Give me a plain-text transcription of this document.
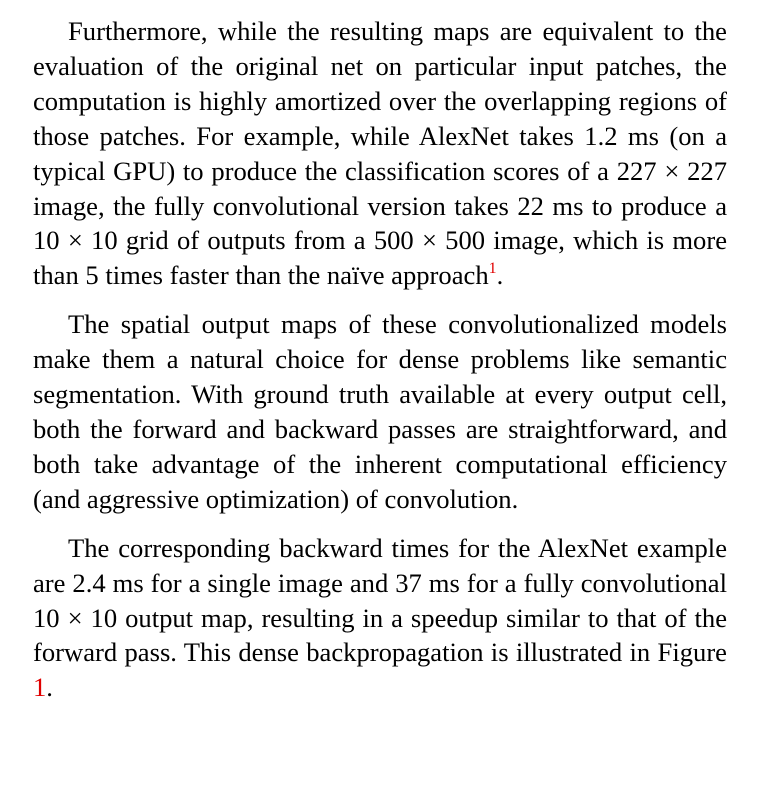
Furthermore, while the resulting maps are equivalent to the evaluation of the original net on particular input patches, the computation is highly amortized over the overlapping regions of those patches. For example, while AlexNet takes 1.2 ms (on a typical GPU) to produce the classification scores of a 227 × 227 image, the fully convolutional version takes 22 ms to produce a 10 × 10 grid of outputs from a 500 × 500 image, which is more than 5 times faster than the naïve approach$^1$.

The spatial output maps of these convolutionalized models make them a natural choice for dense problems like semantic segmentation. With ground truth available at every output cell, both the forward and backward passes are straightforward, and both take advantage of the inherent computational efficiency (and aggressive optimization) of convolution.

The corresponding backward times for the AlexNet example are 2.4 ms for a single image and 37 ms for a fully convolutional 10 × 10 output map, resulting in a speedup similar to that of the forward pass. This dense backpropagation is illustrated in Figure 1.
